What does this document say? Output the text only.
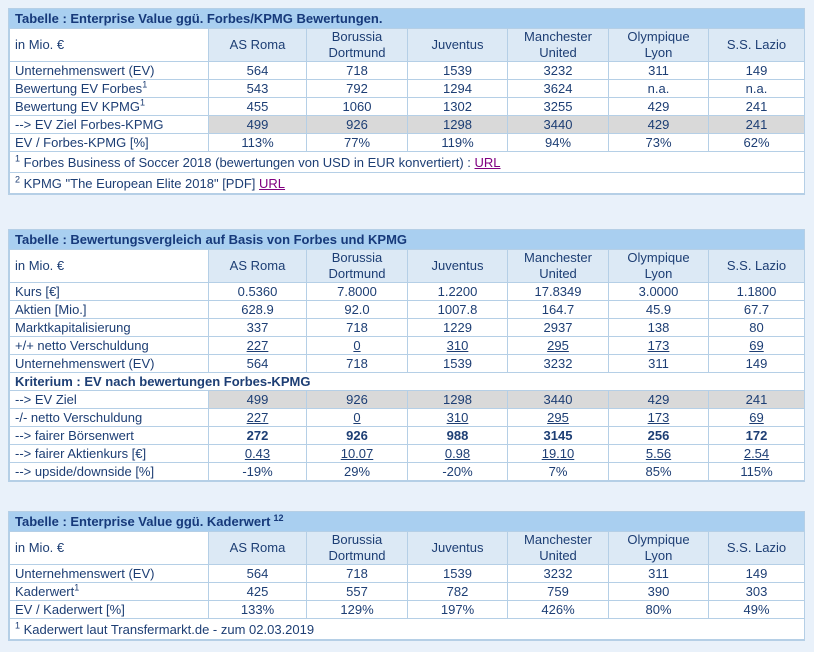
Tabelle : Enterprise Value ggü. Forbes/KPMG Bewertungen.
in Mio. €	AS Roma	Borussia Dortmund	Juventus	Manchester United	Olympique Lyon	S.S. Lazio
Unternehmenswert (EV)	564	718	1539	3232	311	149
Bewertung EV Forbes$^1$	543	792	1294	3624	n.a.	n.a.
Bewertung EV KPMG$^1$	455	1060	1302	3255	429	241
--> EV Ziel Forbes-KPMG	499	926	1298	3440	429	241
EV / Forbes-KPMG [%]	113%	77%	119%	94%	73%	62%
$^1$ Forbes Business of Soccer 2018 (bewertungen von USD in EUR konvertiert) : URL						
$^2$ KPMG "The European Elite 2018" [PDF] URL						
Tabelle : Bewertungsvergleich auf Basis von Forbes und KPMG
in Mio. €	AS Roma	Borussia Dortmund	Juventus	Manchester United	Olympique Lyon	S.S. Lazio
Kurs [€]	0.5360	7.8000	1.2200	17.8349	3.0000	1.1800
Aktien [Mio.]	628.9	92.0	1007.8	164.7	45.9	67.7
Marktkapitalisierung	337	718	1229	2937	138	80
+/+ netto Verschuldung	227	0	310	295	173	69
Unternehmenswert (EV)	564	718	1539	3232	311	149
Kriterium : EV nach bewertungen Forbes-KPMG						
--> EV Ziel	499	926	1298	3440	429	241
-/- netto Verschuldung	227	0	310	295	173	69
--> fairer Börsenwert	272	926	988	3145	256	172
--> fairer Aktienkurs [€]	0.43	10.07	0.98	19.10	5.56	2.54
--> upside/downside [%]	-19%	29%	-20%	7%	85%	115%
Tabelle : Enterprise Value ggü. Kaderwert $^{12}$
in Mio. €	AS Roma	Borussia Dortmund	Juventus	Manchester United	Olympique Lyon	S.S. Lazio
Unternehmenswert (EV)	564	718	1539	3232	311	149
Kaderwert$^1$	425	557	782	759	390	303
EV / Kaderwert [%]	133%	129%	197%	426%	80%	49%
$^1$ Kaderwert laut Transfermarkt.de - zum 02.03.2019						
